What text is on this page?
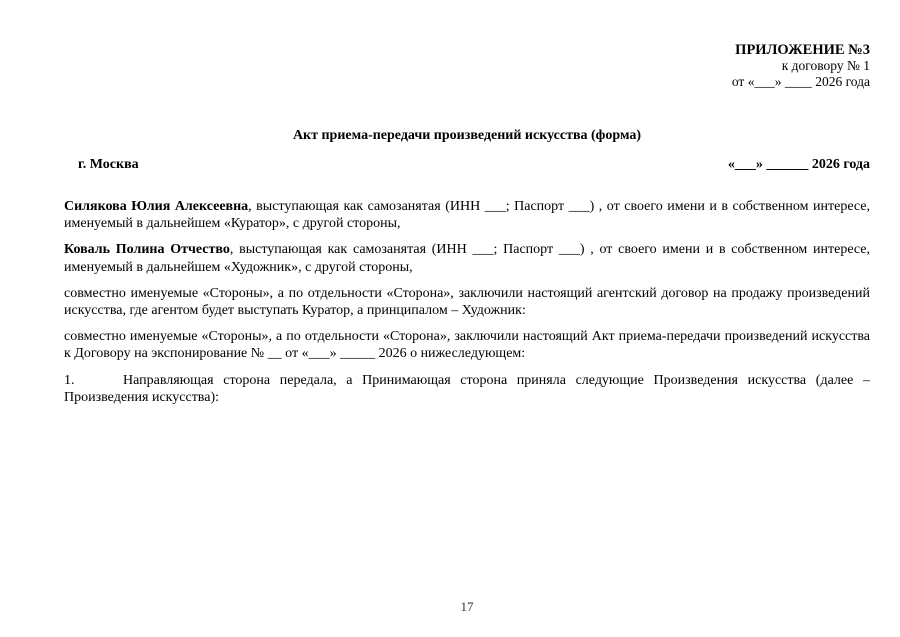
ПРИЛОЖЕНИЕ №3
к договору № 1
от «___» ____ 2026 года
Акт приема-передачи произведений искусства (форма)
г. Москва	«___» ______ 2026 года

Силякова Юлия Алексеевна, выступающая как самозанятая (ИНН ___; Паспорт ___) , от своего имени и в собственном интересе, именуемый в дальнейшем «Куратор», с другой стороны,

Коваль Полина Отчество, выступающая как самозанятая (ИНН ___; Паспорт ___) , от своего имени и в собственном интересе, именуемый в дальнейшем «Художник», с другой стороны,

совместно именуемые «Стороны», а по отдельности «Сторона», заключили настоящий агентский договор на продажу произведений искусства, где агентом будет выступать Куратор, а принципалом – Художник:

совместно именуемые «Стороны», а по отдельности «Сторона», заключили настоящий Акт приема-передачи произведений искусства к Договору на экспонирование № __ от «___» _____ 2026 о нижеследующем:

1.	Направляющая сторона передала, а Принимающая сторона приняла следующие Произведения искусства (далее – Произведения искусства):

17
